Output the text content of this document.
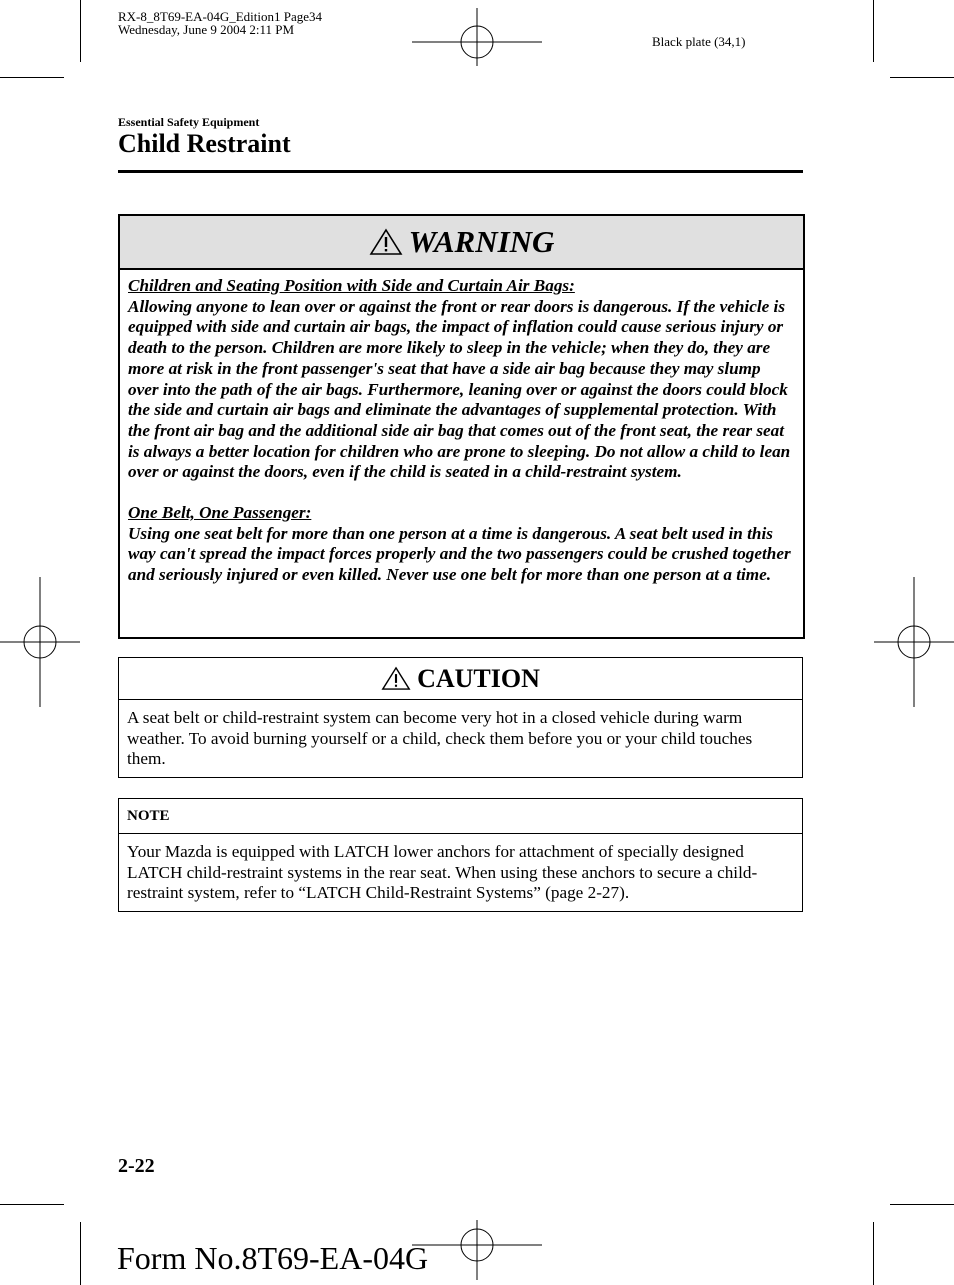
RX-8_8T69-EA-04G_Edition1 Page34
Wednesday, June 9 2004 2:11 PM
Black plate (34,1)
Essential Safety Equipment
Child Restraint
WARNING
Children and Seating Position with Side and Curtain Air Bags:

Allowing anyone to lean over or against the front or rear doors is dangerous. If the vehicle is equipped with side and curtain air bags, the impact of inflation could cause serious injury or death to the person. Children are more likely to sleep in the vehicle; when they do, they are more at risk in the front passenger's seat that have a side air bag because they may slump over into the path of the air bags. Furthermore, leaning over or against the doors could block the side and curtain air bags and eliminate the advantages of supplemental protection. With the front air bag and the additional side air bag that comes out of the front seat, the rear seat is always a better location for children who are prone to sleeping. Do not allow a child to lean over or against the doors, even if the child is seated in a child-restraint system.

One Belt, One Passenger:

Using one seat belt for more than one person at a time is dangerous. A seat belt used in this way can't spread the impact forces properly and the two passengers could be crushed together and seriously injured or even killed. Never use one belt for more than one person at a time.

CAUTION
A seat belt or child-restraint system can become very hot in a closed vehicle during warm weather. To avoid burning yourself or a child, check them before you or your child touches them.
NOTE
Your Mazda is equipped with LATCH lower anchors for attachment of specially designed LATCH child-restraint systems in the rear seat. When using these anchors to secure a child-restraint system, refer to “LATCH Child-Restraint Systems” (page 2-27).
2-22
Form No.8T69-EA-04G
